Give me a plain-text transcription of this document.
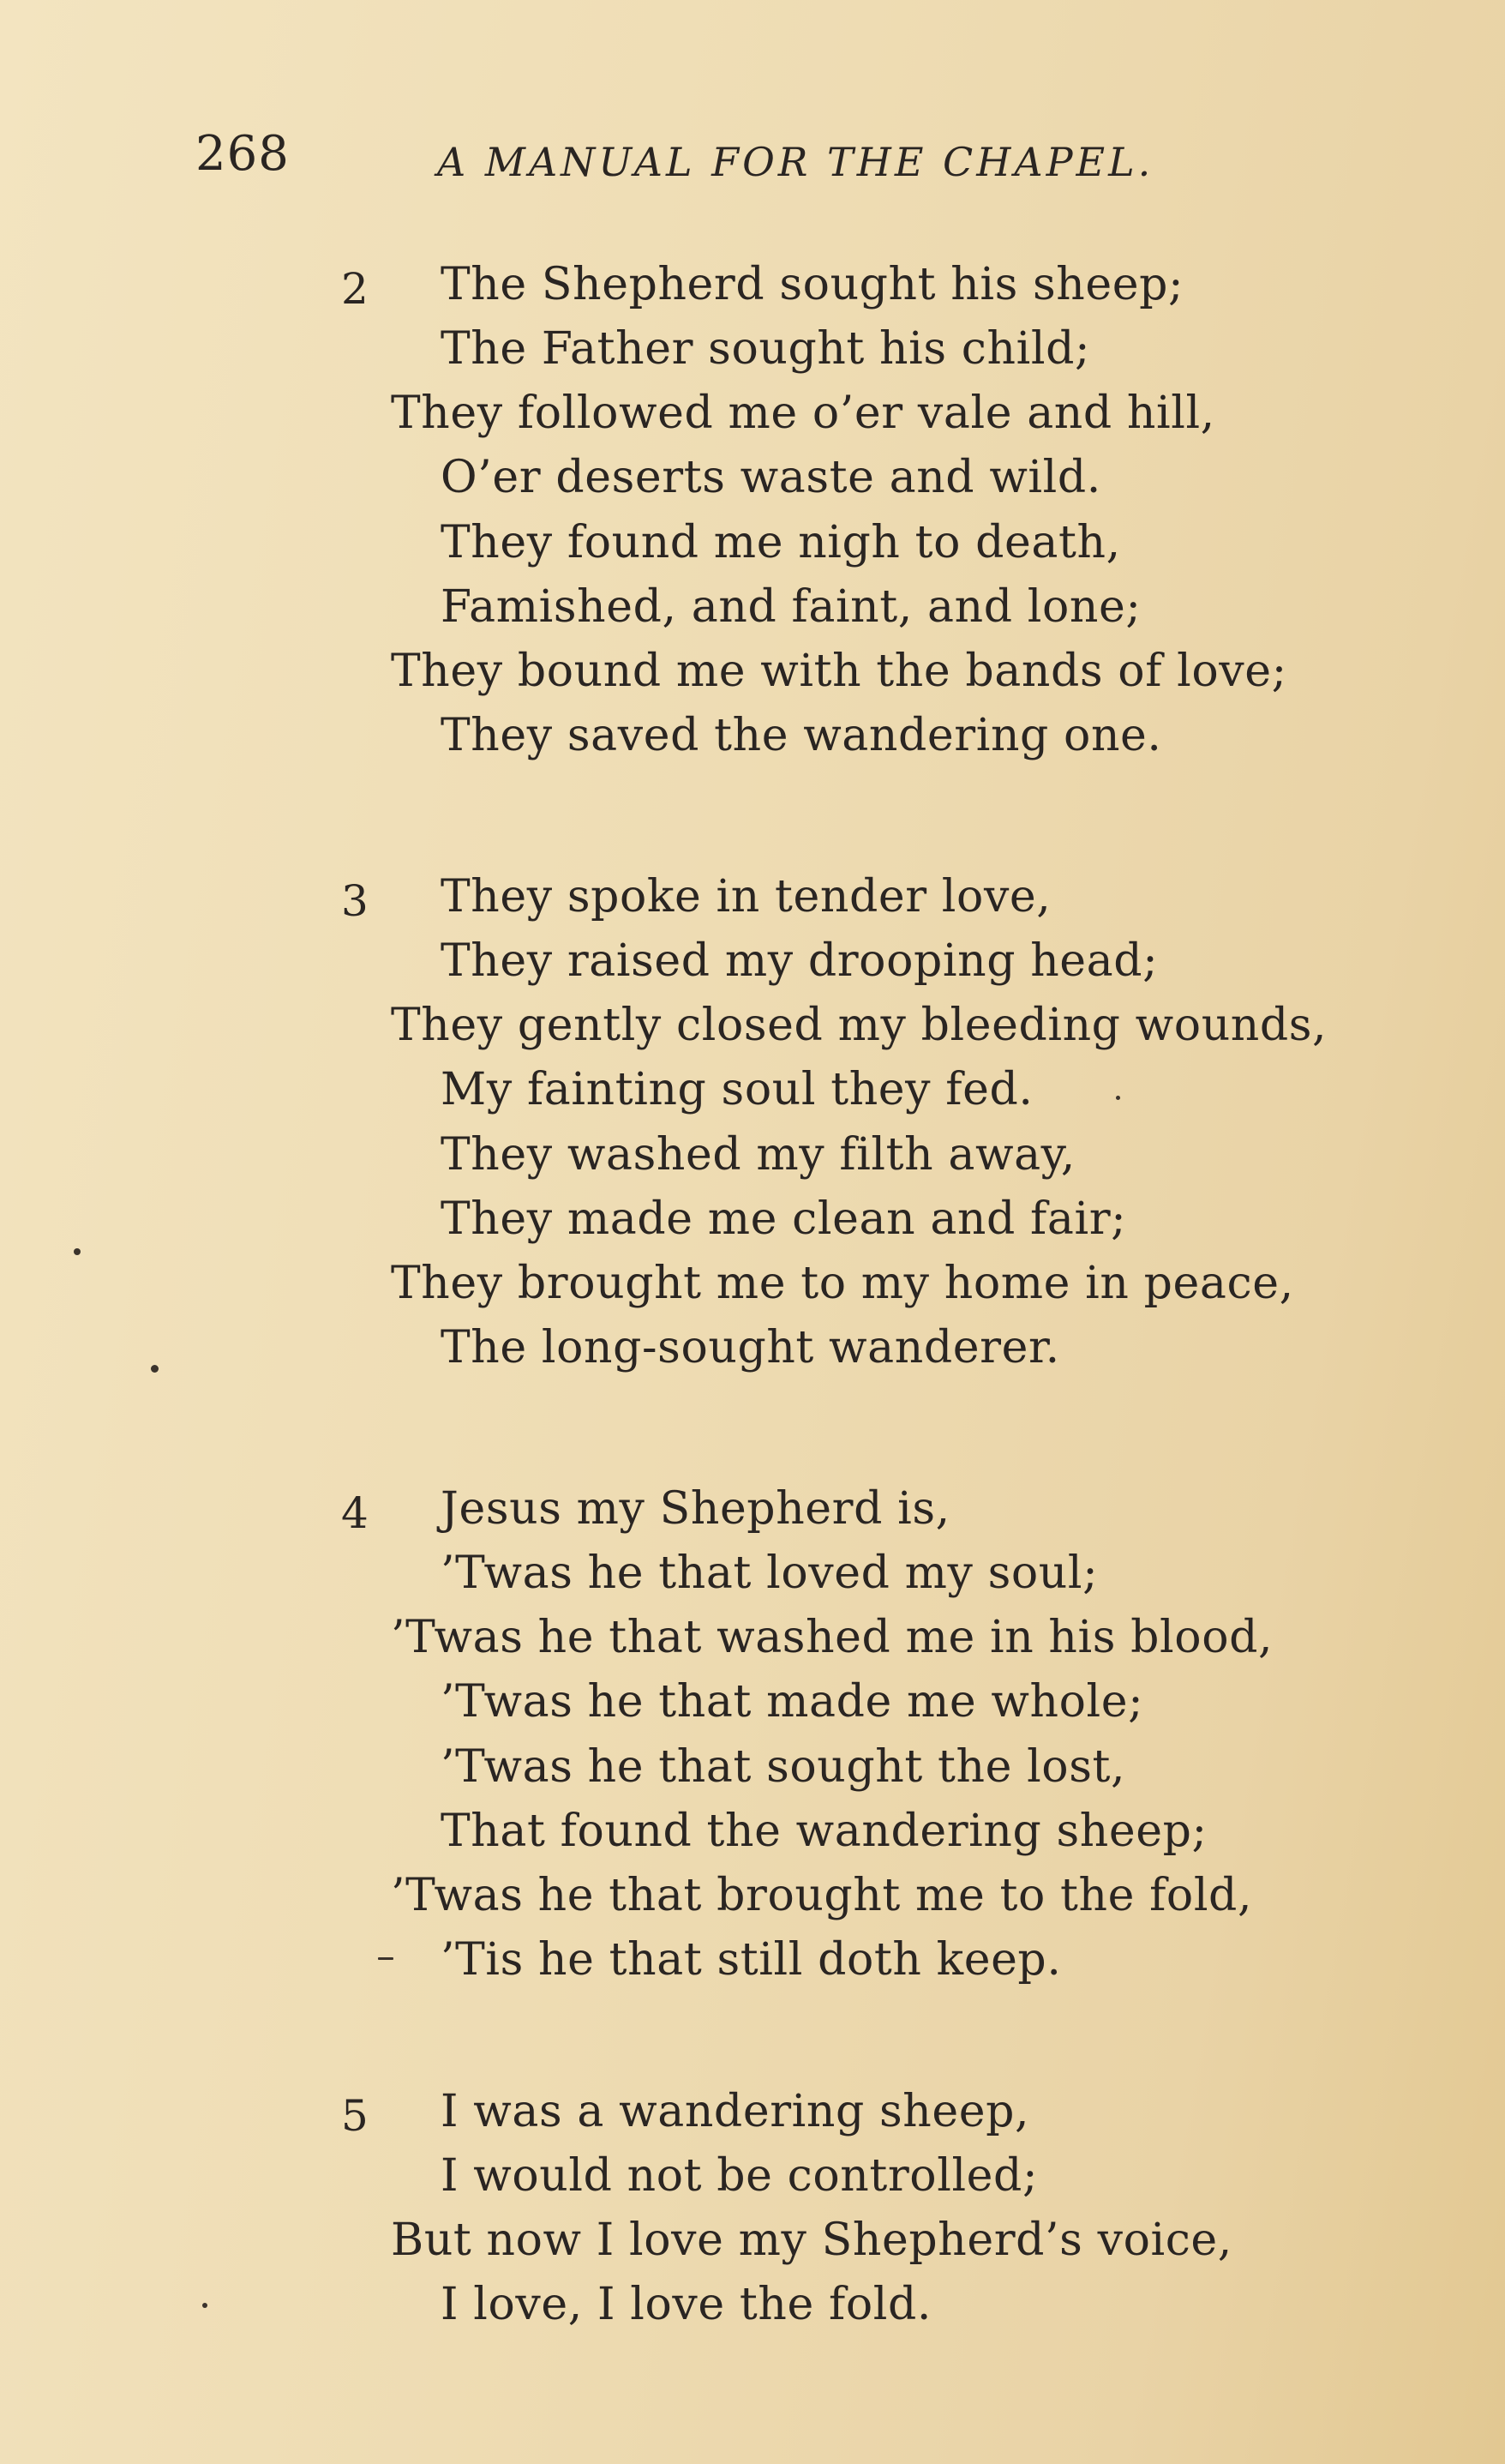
268	A MANUAL FOR THE CHAPEL.
2 The Shepherd sought his sheep;
The Father sought his child;
They followed me o’er vale and hill,
O’er deserts waste and wild.
They found me nigh to death,
Famished, and faint, and lone;
They bound me with the bands of love;
They saved the wandering one.
3 They spoke in tender love,
They raised my drooping head;
They gently closed my bleeding wounds,
My fainting soul they fed.
They washed my filth away,
They made me clean and fair;
They brought me to my home in peace,
The long-sought wanderer.
4 Jesus my Shepherd is,
’Twas he that loved my soul;
’Twas he that washed me in his blood,
’Twas he that made me whole;
’Twas he that sought the lost,
That found the wandering sheep;
’Twas he that brought me to the fold,
’Tis he that still doth keep.
5 I was a wandering sheep,
I would not be controlled;
But now I love my Shepherd’s voice,
I love, I love the fold.
